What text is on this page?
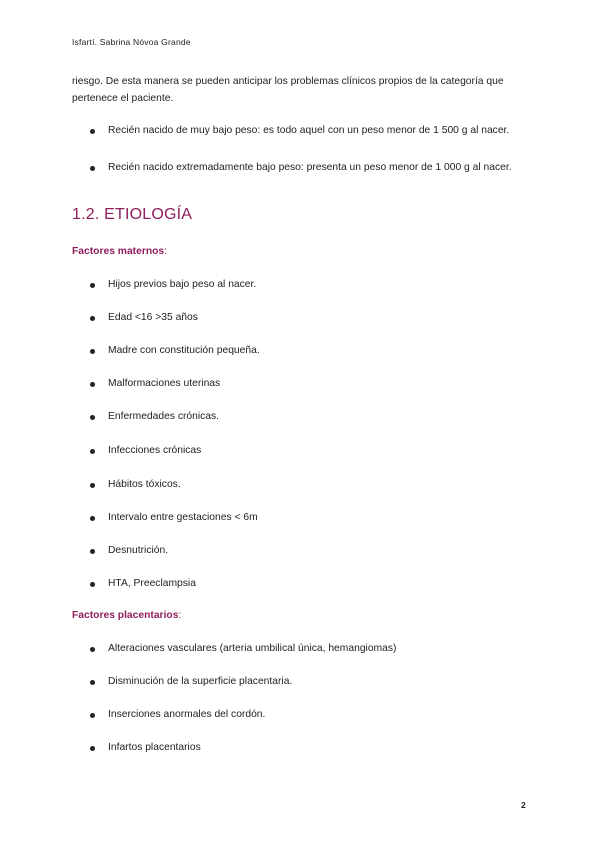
Isfartí. Sabrina Nóvoa Grande
riesgo. De esta manera se pueden anticipar los problemas clínicos propios de la categoría que pertenece el paciente.
Recién nacido de muy bajo peso: es todo aquel con un peso menor de 1 500 g al nacer.
Recién nacido extremadamente bajo peso: presenta un peso menor de 1 000 g al nacer.
1.2. ETIOLOGÍA
Factores maternos:
Hijos previos bajo peso al nacer.
Edad <16 >35 años
Madre con constitución pequeña.
Malformaciones uterinas
Enfermedades crónicas.
Infecciones crónicas
Hábitos tóxicos.
Intervalo entre gestaciones < 6m
Desnutrición.
HTA, Preeclampsia
Factores placentarios:
Alteraciones vasculares (arteria umbilical única, hemangiomas)
Disminución de la superficie placentaria.
Inserciones anormales del cordón.
Infartos placentarios
2
